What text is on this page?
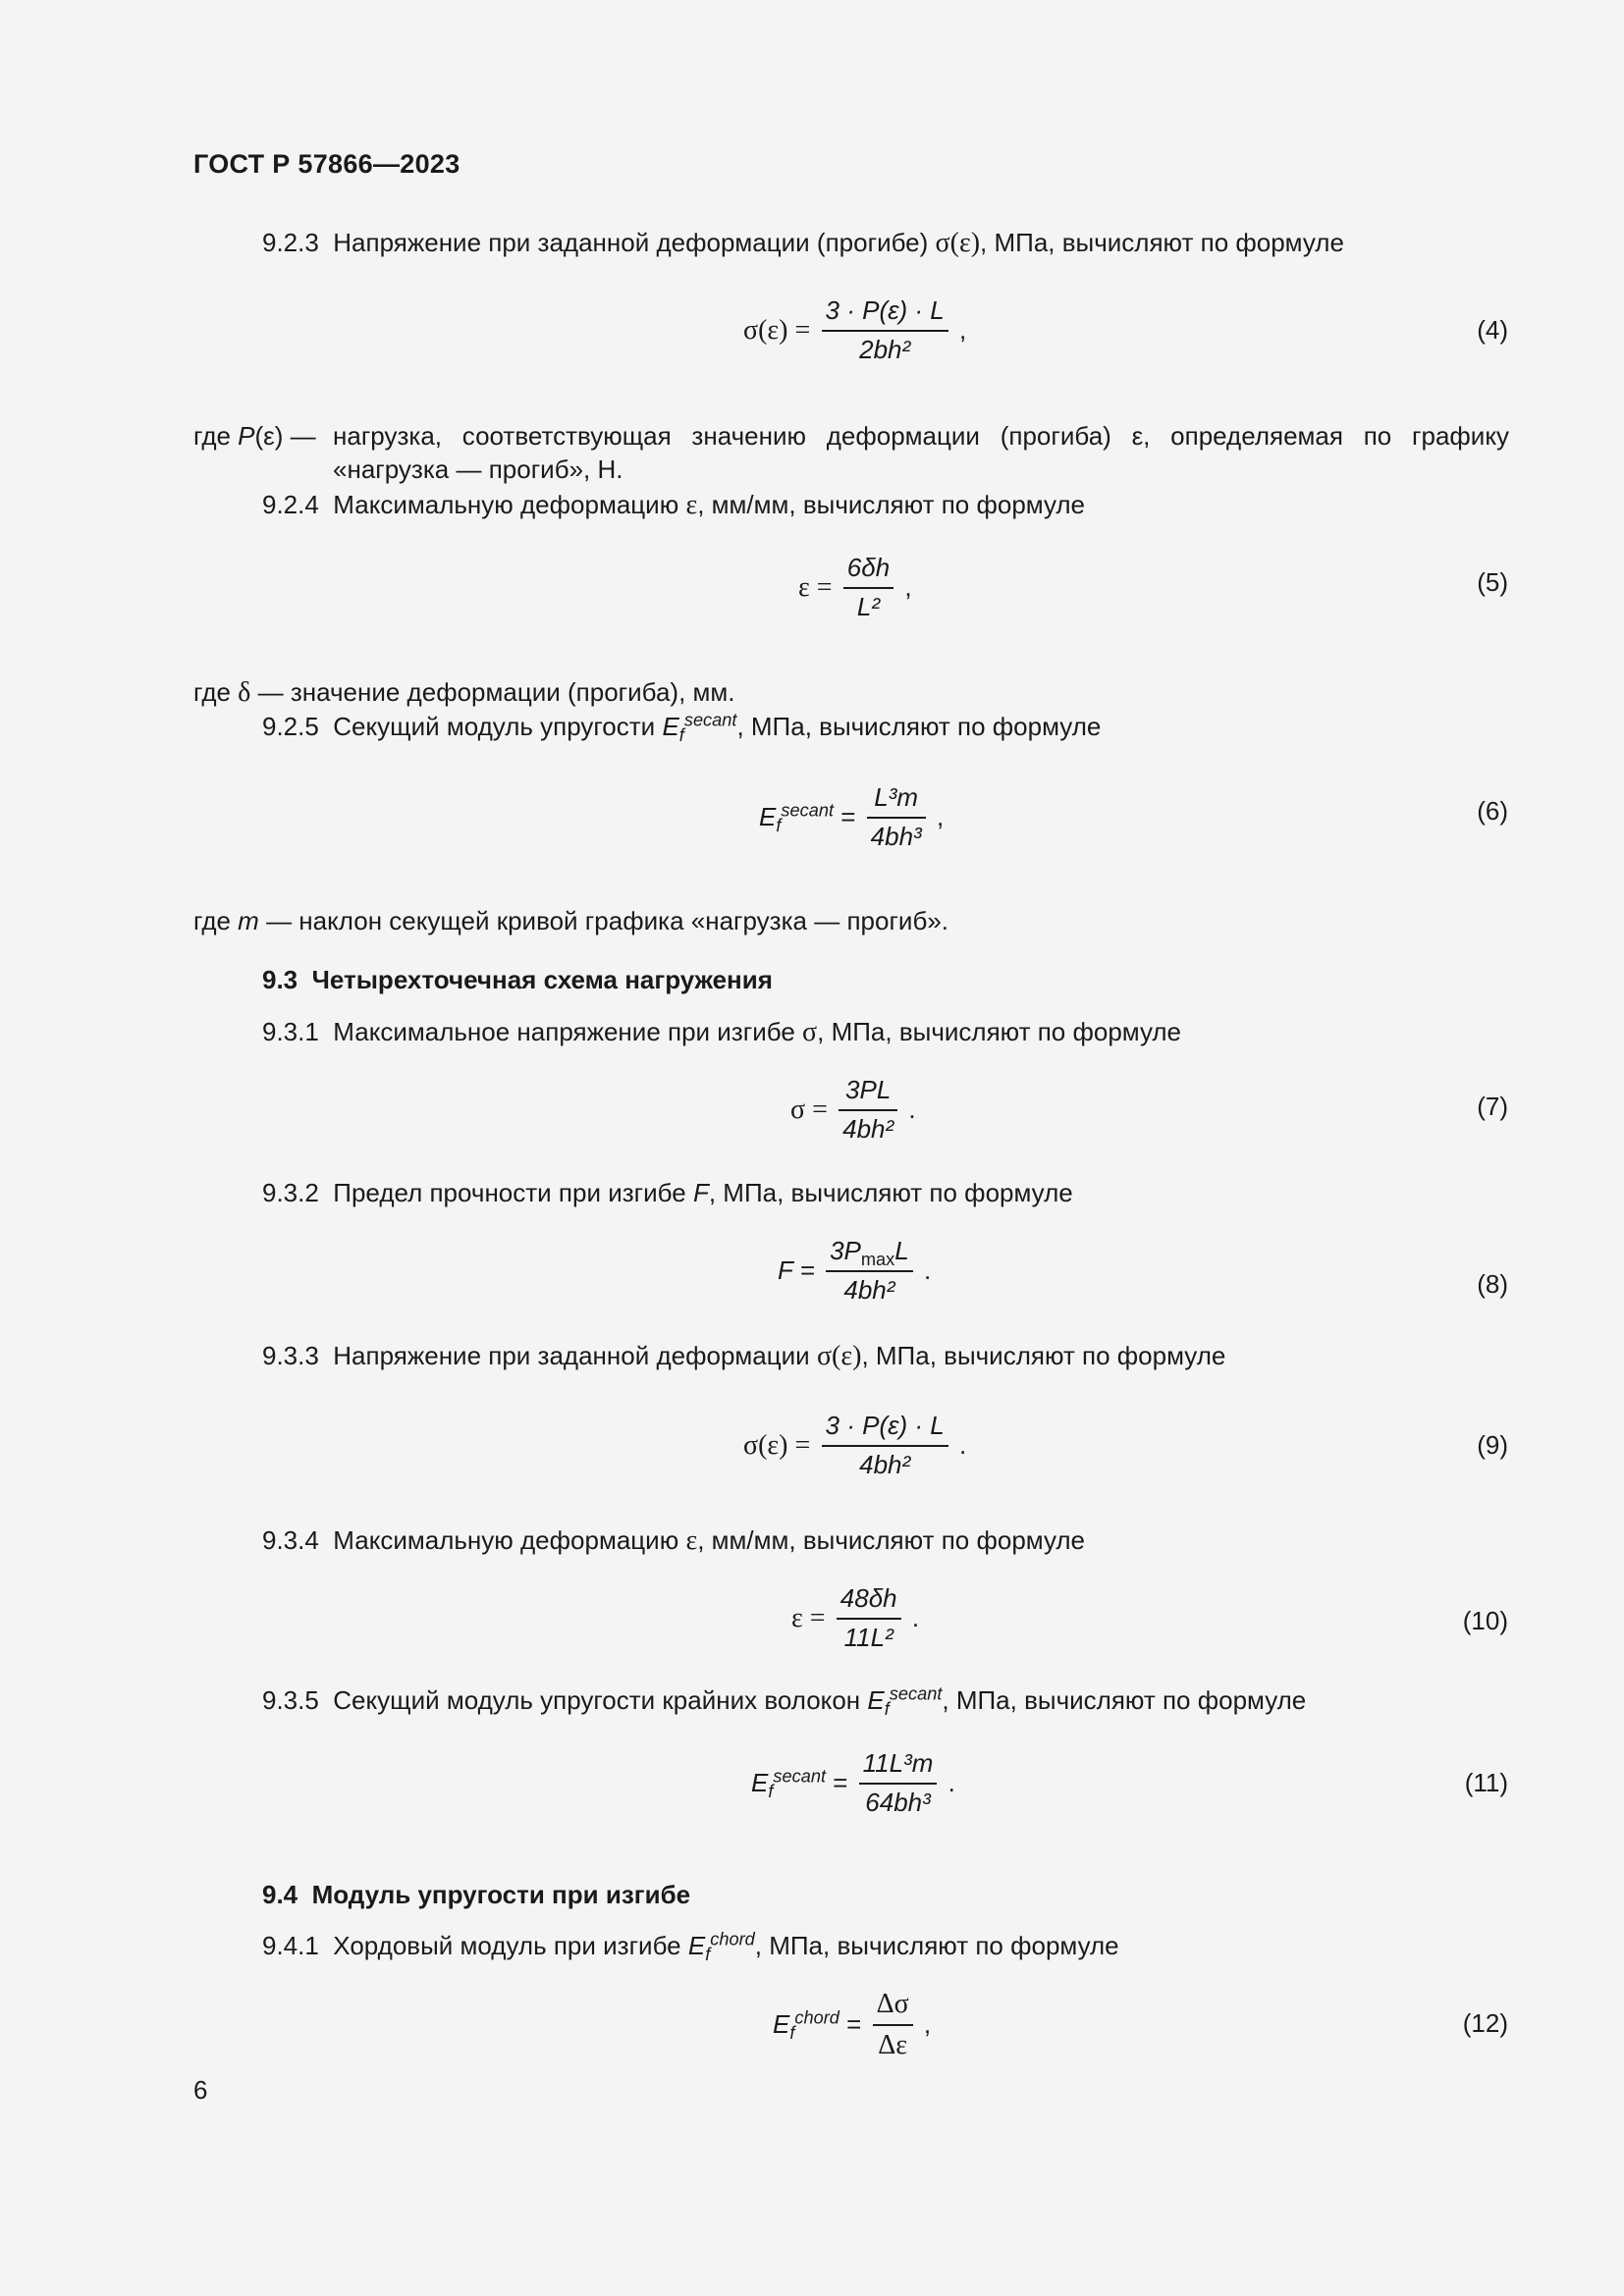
ГОСТ Р 57866—2023
9.2.3 Напряжение при заданной деформации (прогибе) σ(ε), МПа, вычисляют по формуле
$\sigma(\varepsilon) = \frac{3 \cdot P(\varepsilon) \cdot L}{\text{2bh²}}$ ,	(4)
где P(ε) — нагрузка, соответствующая значению деформации (прогиба) ε, определяемая по графику «нагрузка — прогиб», Н.
9.2.4 Максимальную деформацию ε, мм/мм, вычисляют по формуле
$\varepsilon = \frac{6\delta h}{\text{L²}}$ ,	(5)
где δ — значение деформации (прогиба), мм.
9.2.5 Секущий модуль упругости $E_f^{secant}$, МПа, вычисляют по формуле
$E_f^{secant} = \frac{\text{L³m}}{\text{4bh³}}$ ,	(6)
где m — наклон секущей кривой графика «нагрузка — прогиб».
9.3 Четырехточечная схема нагружения
9.3.1 Максимальное напряжение при изгибе σ, МПа, вычисляют по формуле
$\sigma = \frac{3PL}{\text{4bh²}}$ .	(7)
9.3.2 Предел прочности при изгибе F, МПа, вычисляют по формуле
$F = \frac{3P_{max}L}{\text{4bh²}}$ .	(8)
9.3.3 Напряжение при заданной деформации σ(ε), МПа, вычисляют по формуле
$\sigma(\varepsilon) = \frac{3 \cdot P(\varepsilon) \cdot L}{\text{4bh²}}$ .	(9)
9.3.4 Максимальную деформацию ε, мм/мм, вычисляют по формуле
$\varepsilon = \frac{48\delta h}{\text{11L²}}$ .	(10)
9.3.5 Секущий модуль упругости крайних волокон $E_f^{secant}$, МПа, вычисляют по формуле
$E_f^{secant} = \frac{\text{11L³m}}{\text{64bh³}}$ .	(11)
9.4 Модуль упругости при изгибе
9.4.1 Хордовый модуль при изгибе $E_f^{chord}$, МПа, вычисляют по формуле
$E_f^{chord} = \frac{\Delta\sigma}{\Delta\varepsilon}$ ,	(12)
6
